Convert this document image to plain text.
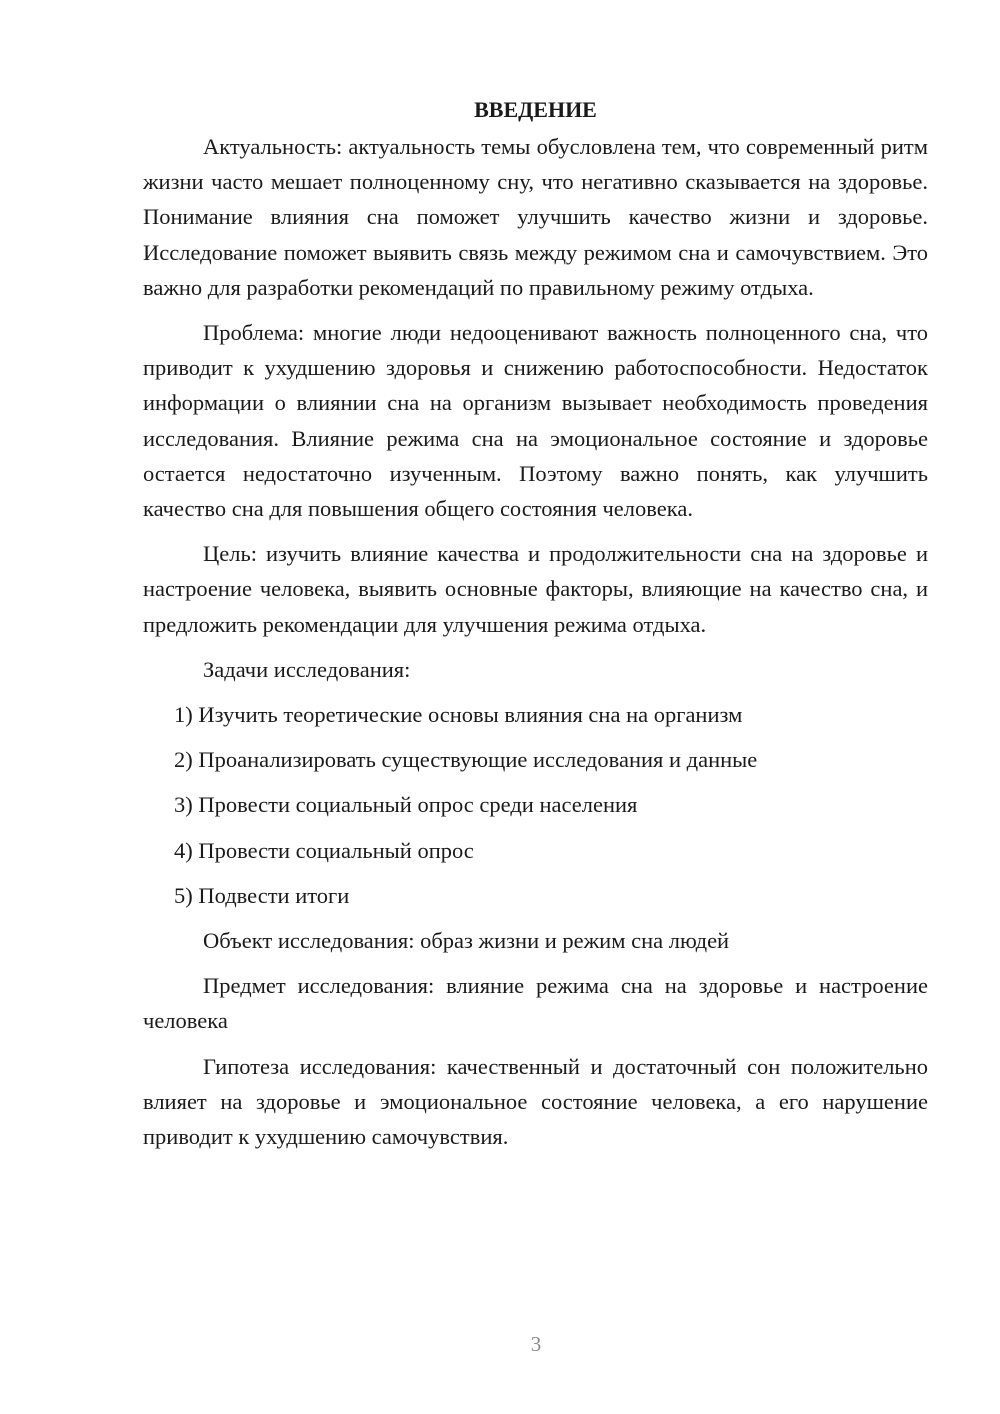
ВВЕДЕНИЕ

Актуальность: актуальность темы обусловлена тем, что современный ритм жизни часто мешает полноценному сну, что негативно сказывается на здоровье. Понимание влияния сна поможет улучшить качество жизни и здоровье. Исследование поможет выявить связь между режимом сна и самочувствием. Это важно для разработки рекомендаций по правильному режиму отдыха.

Проблема: многие люди недооценивают важность полноценного сна, что приводит к ухудшению здоровья и снижению работоспособности. Недостаток информации о влиянии сна на организм вызывает необходимость проведения исследования. Влияние режима сна на эмоциональное состояние и здоровье остается недостаточно изученным. Поэтому важно понять, как улучшить качество сна для повышения общего состояния человека.

Цель: изучить влияние качества и продолжительности сна на здоровье и настроение человека, выявить основные факторы, влияющие на качество сна, и предложить рекомендации для улучшения режима отдыха.

Задачи исследования:

1) Изучить теоретические основы влияния сна на организм
2) Проанализировать существующие исследования и данные
3) Провести социальный опрос среди населения
4) Провести социальный опрос
5) Подвести итоги

Объект исследования: образ жизни и режим сна людей

Предмет исследования: влияние режима сна на здоровье и настроение человека

Гипотеза исследования: качественный и достаточный сон положительно влияет на здоровье и эмоциональное состояние человека, а его нарушение приводит к ухудшению самочувствия.

3
